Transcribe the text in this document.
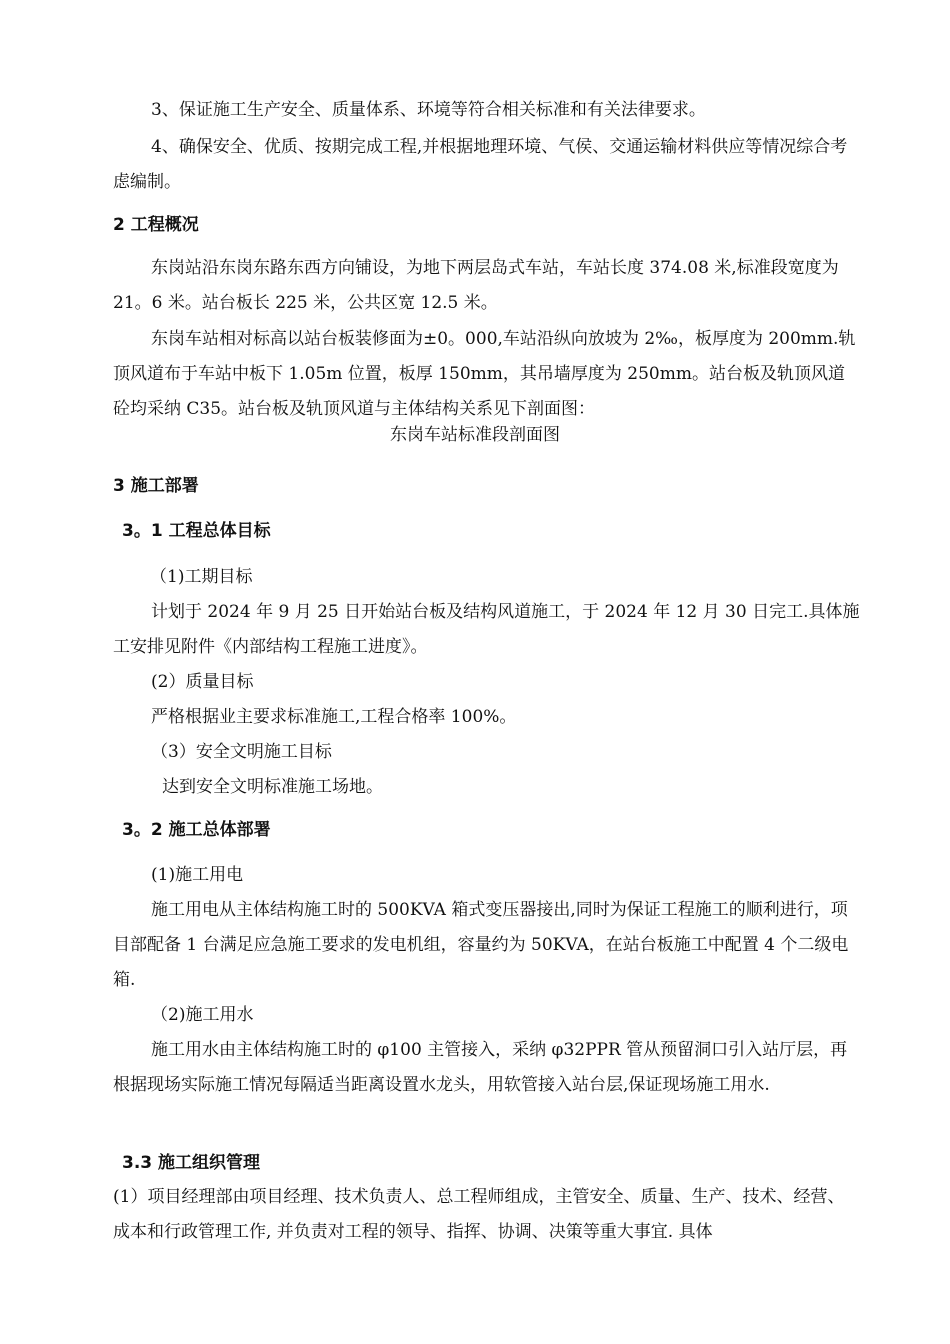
3、保证施工生产安全、质量体系、环境等符合相关标准和有关法律要求。

4、确保安全、优质、按期完成工程,并根据地理环境、气侯、交通运输材料供应等情况综合考虑编制。

2 工程概况

东岗站沿东岗东路东西方向铺设，为地下两层岛式车站，车站长度 374.08 米,标准段宽度为 21。6 米。站台板长 225 米，公共区宽 12.5 米。

东岗车站相对标高以站台板装修面为±0。000,车站沿纵向放坡为 2‰，板厚度为 200mm.轨顶风道布于车站中板下 1.05m 位置，板厚 150mm，其吊墙厚度为 250mm。站台板及轨顶风道砼均采纳 C35。站台板及轨顶风道与主体结构关系见下剖面图：

东岗车站标准段剖面图

3 施工部署
3。1 工程总体目标

（1)工期目标

计划于 2024 年 9 月 25 日开始站台板及结构风道施工，于 2024 年 12 月 30 日完工.具体施工安排见附件《内部结构工程施工进度》。

(2）质量目标

严格根据业主要求标准施工,工程合格率 100%。

（3）安全文明施工目标

达到安全文明标准施工场地。

3。2 施工总体部署

(1)施工用电

施工用电从主体结构施工时的 500KVA 箱式变压器接出,同时为保证工程施工的顺利进行，项目部配备 1 台满足应急施工要求的发电机组，容量约为 50KVA，在站台板施工中配置 4 个二级电箱.

（2)施工用水

施工用水由主体结构施工时的 φ100 主管接入，采纳 φ32PPR 管从预留洞口引入站厅层，再根据现场实际施工情况每隔适当距离设置水龙头，用软管接入站台层,保证现场施工用水.

3.3 施工组织管理

(1）项目经理部由项目经理、技术负责人、总工程师组成，主管安全、质量、生产、技术、经营、成本和行政管理工作, 并负责对工程的领导、指挥、协调、决策等重大事宜. 具体
